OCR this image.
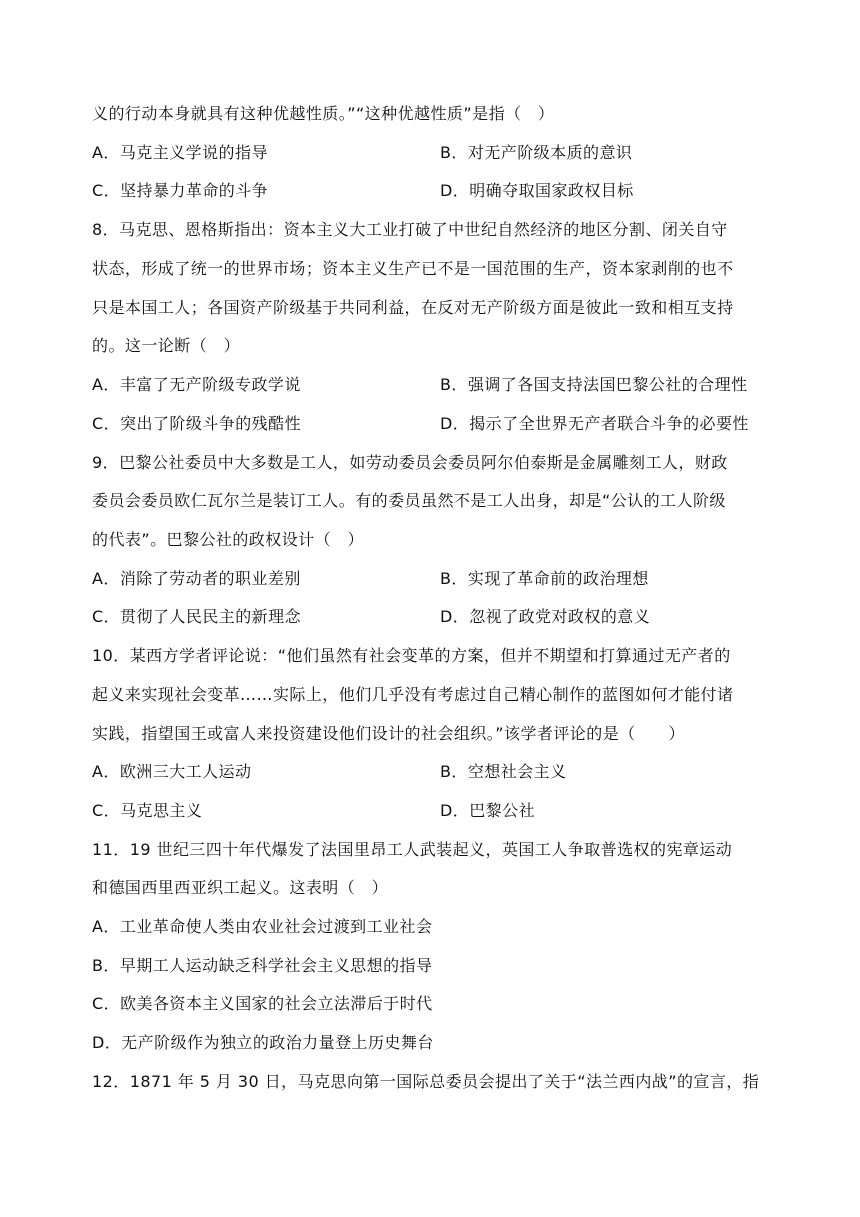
义的行动本身就具有这种优越性质。”“这种优越性质”是指（　）
A．马克主义学说的指导	B．对无产阶级本质的意识
C．坚持暴力革命的斗争	D．明确夺取国家政权目标
8．马克思、恩格斯指出：资本主义大工业打破了中世纪自然经济的地区分割、闭关自守
状态，形成了统一的世界市场；资本主义生产已不是一国范围的生产，资本家剥削的也不
只是本国工人；各国资产阶级基于共同利益，在反对无产阶级方面是彼此一致和相互支持
的。这一论断（　）
A．丰富了无产阶级专政学说	B．强调了各国支持法国巴黎公社的合理性
C．突出了阶级斗争的残酷性	D．揭示了全世界无产者联合斗争的必要性
9．巴黎公社委员中大多数是工人，如劳动委员会委员阿尔伯泰斯是金属雕刻工人，财政
委员会委员欧仁瓦尔兰是装订工人。有的委员虽然不是工人出身，却是“公认的工人阶级
的代表”。巴黎公社的政权设计（　）
A．消除了劳动者的职业差别	B．实现了革命前的政治理想
C．贯彻了人民民主的新理念	D．忽视了政党对政权的意义
10．某西方学者评论说：“他们虽然有社会变革的方案，但并不期望和打算通过无产者的
起义来实现社会变革……实际上，他们几乎没有考虑过自己精心制作的蓝图如何才能付诸
实践，指望国王或富人来投资建设他们设计的社会组织。”该学者评论的是（　　）
A．欧洲三大工人运动	B．空想社会主义
C．马克思主义	D．巴黎公社
11．19 世纪三四十年代爆发了法国里昂工人武装起义，英国工人争取普选权的宪章运动
和德国西里西亚织工起义。这表明（　）
A．工业革命使人类由农业社会过渡到工业社会
B．早期工人运动缺乏科学社会主义思想的指导
C．欧美各资本主义国家的社会立法滞后于时代
D．无产阶级作为独立的政治力量登上历史舞台
12．1871 年 5 月 30 日，马克思向第一国际总委员会提出了关于“法兰西内战”的宣言，指
